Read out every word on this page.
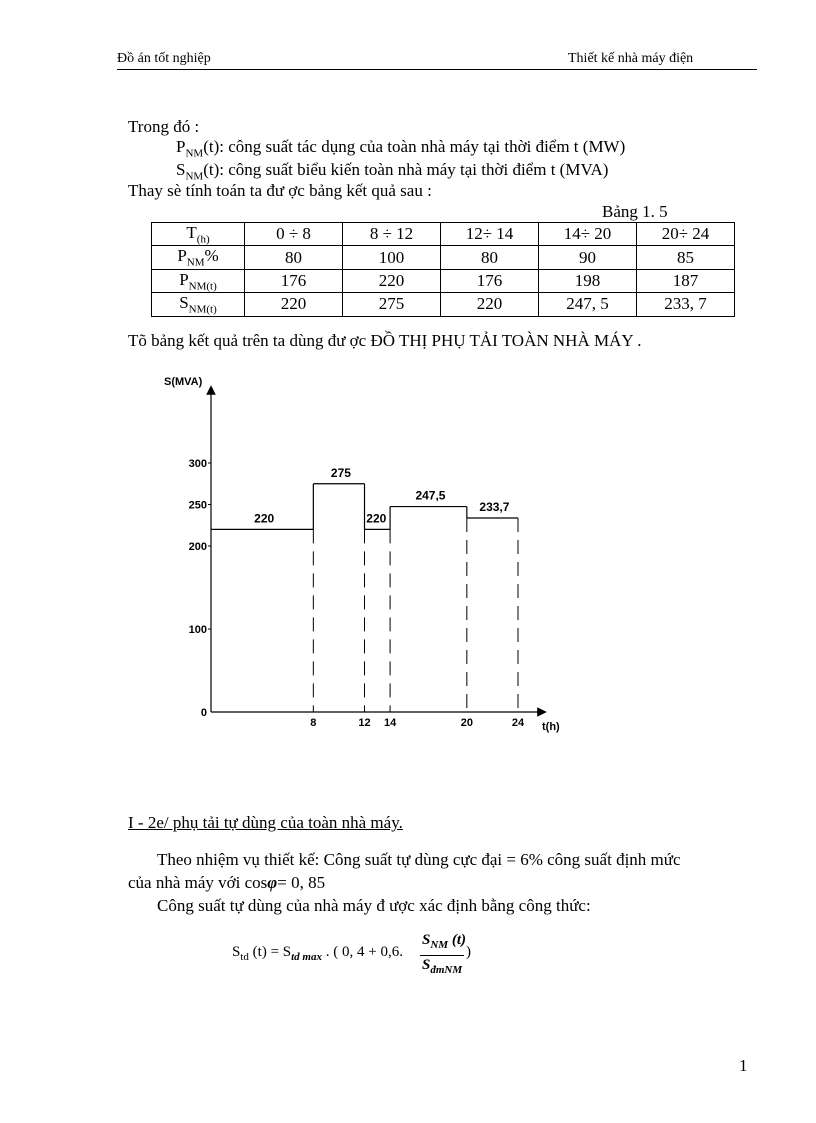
Đồ án tốt nghiệp	Thiết kế nhà máy điện
Trong đó :
$P_{NM}(t)$: công suất tác dụng của toàn nhà máy tại thời điểm t (MW)
$S_{NM}(t)$: công suất biểu kiến toàn nhà máy tại thời điểm t (MVA)
Thay sè tính toán ta đư ợc bảng kết quả sau :
Bảng 1. 5
$T_{(h)}$	0 ÷ 8	8 ÷ 12	12÷ 14	14÷ 20	20÷ 24
$P_{NM}\%$	80	100	80	90	85
$P_{NM(t)}$	176	220	176	198	187
$S_{NM(t)}$	220	275	220	247, 5	233, 7
Tõ bảng kết quả trên ta dùng đư ợc ĐỒ THỊ PHỤ TẢI TOÀN NHÀ MÁY .
S(MVA)
t(h)
0
100
200
250
300
8	12 14	20	24
220
275
220
247,5
233,7
I - 2e/ phụ tải tự dùng của toàn nhà máy.
Theo nhiệm vụ thiết kế: Công suất tự dùng cực đại = 6% công suất định mức
của nhà máy với cosφ= 0, 85
Công suất tự dùng của nhà máy đ ược xác định bằng công thức:
$S_{td}$ $(t) = S_{td max}$ . ( 0, 4 + 0,6.
$S_{NM}$ (t)
$S_{đmNM}$
)
1
